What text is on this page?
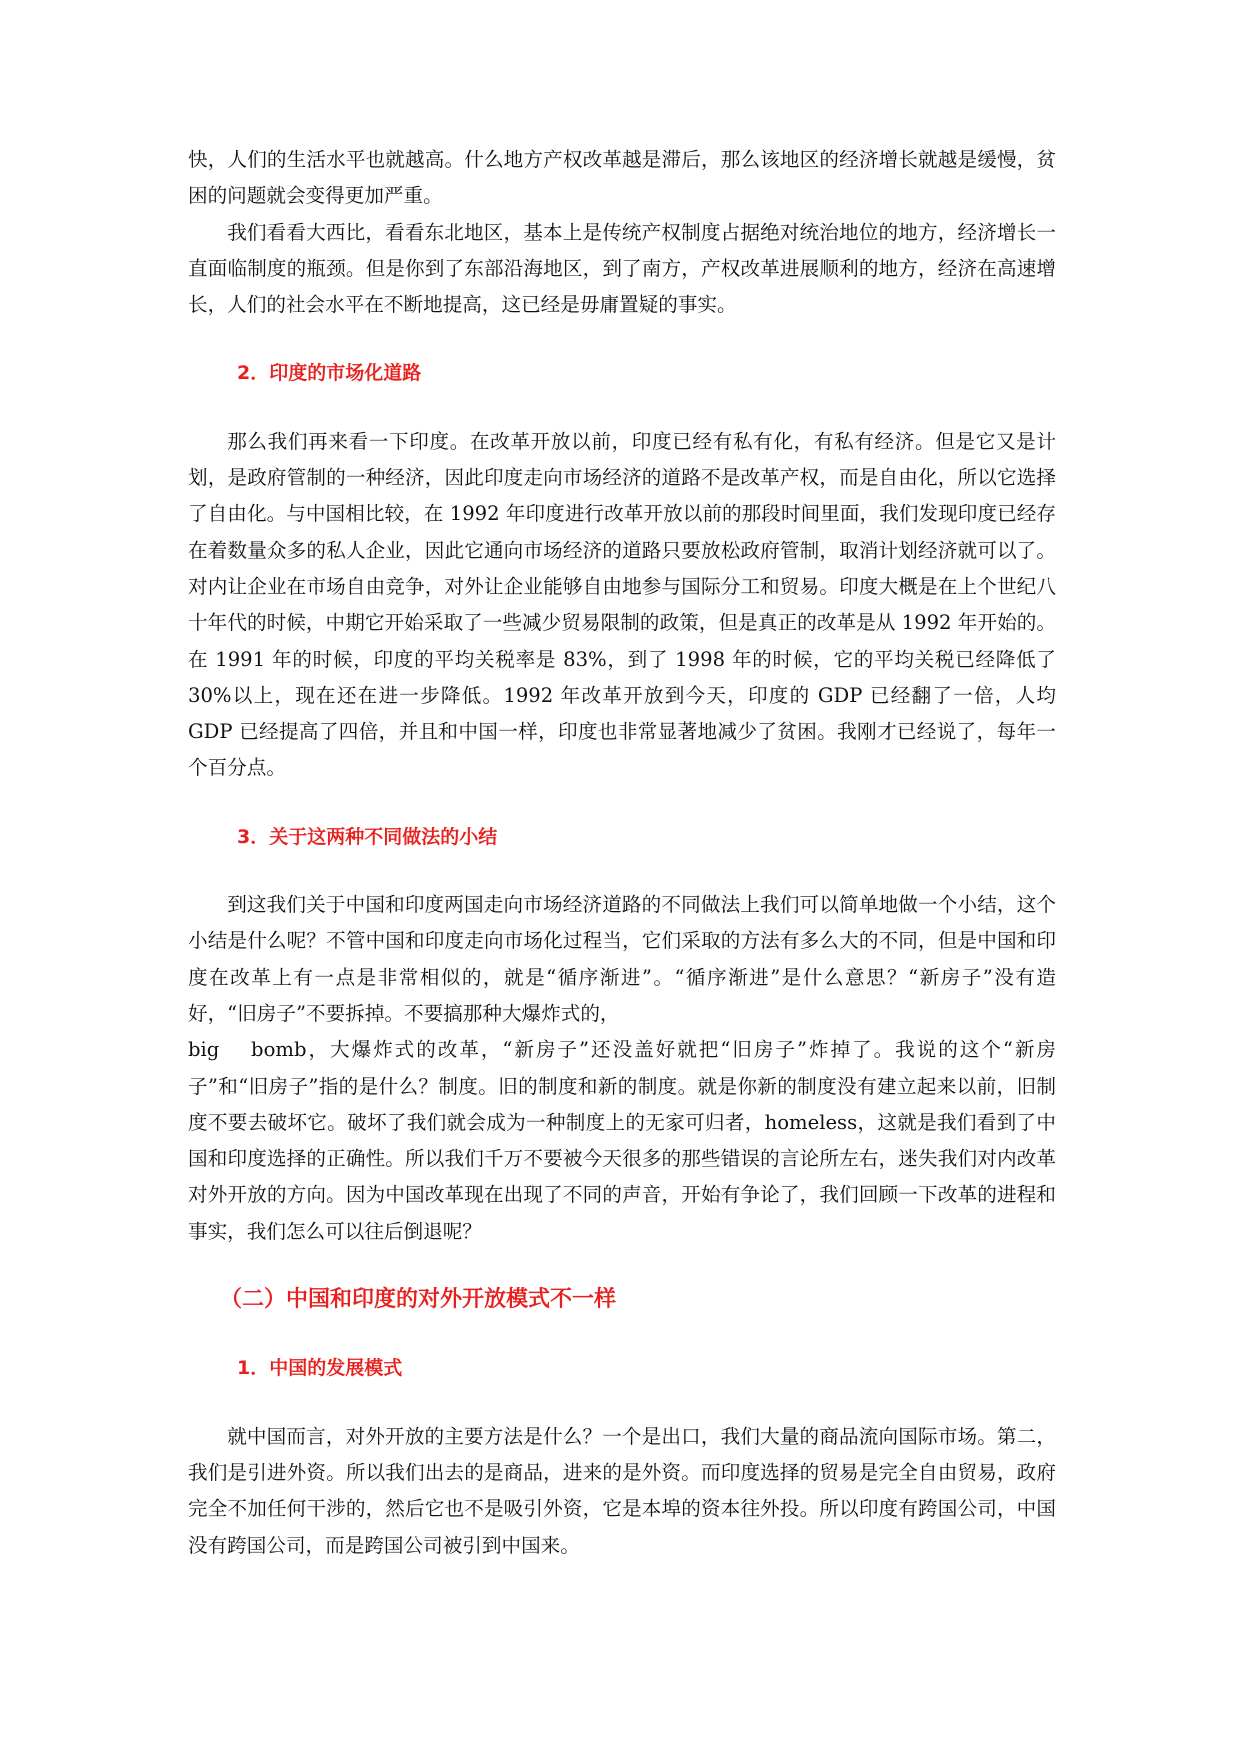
快，人们的生活水平也就越高。什么地方产权改革越是滞后，那么该地区的经济增长就越是缓慢，贫困的问题就会变得更加严重。

我们看看大西比，看看东北地区，基本上是传统产权制度占据绝对统治地位的地方，经济增长一直面临制度的瓶颈。但是你到了东部沿海地区，到了南方，产权改革进展顺利的地方，经济在高速增长，人们的社会水平在不断地提高，这已经是毋庸置疑的事实。

2．印度的市场化道路

那么我们再来看一下印度。在改革开放以前，印度已经有私有化，有私有经济。但是它又是计划，是政府管制的一种经济，因此印度走向市场经济的道路不是改革产权，而是自由化，所以它选择了自由化。与中国相比较，在 1992 年印度进行改革开放以前的那段时间里面，我们发现印度已经存在着数量众多的私人企业，因此它通向市场经济的道路只要放松政府管制，取消计划经济就可以了。对内让企业在市场自由竞争，对外让企业能够自由地参与国际分工和贸易。印度大概是在上个世纪八十年代的时候，中期它开始采取了一些减少贸易限制的政策，但是真正的改革是从 1992 年开始的。在 1991 年的时候，印度的平均关税率是 83%，到了 1998 年的时候，它的平均关税已经降低了 30%以上，现在还在进一步降低。1992 年改革开放到今天，印度的 GDP 已经翻了一倍，人均 GDP 已经提高了四倍，并且和中国一样，印度也非常显著地减少了贫困。我刚才已经说了，每年一个百分点。

3．关于这两种不同做法的小结

到这我们关于中国和印度两国走向市场经济道路的不同做法上我们可以简单地做一个小结，这个小结是什么呢？不管中国和印度走向市场化过程当，它们采取的方法有多么大的不同，但是中国和印度在改革上有一点是非常相似的，就是“循序渐进”。“循序渐进”是什么意思？“新房子”没有造好，“旧房子”不要拆掉。不要搞那种大爆炸式的，

big　 bomb，大爆炸式的改革，“新房子”还没盖好就把“旧房子”炸掉了。我说的这个“新房子”和“旧房子”指的是什么？制度。旧的制度和新的制度。就是你新的制度没有建立起来以前，旧制度不要去破坏它。破坏了我们就会成为一种制度上的无家可归者，homeless，这就是我们看到了中国和印度选择的正确性。所以我们千万不要被今天很多的那些错误的言论所左右，迷失我们对内改革对外开放的方向。因为中国改革现在出现了不同的声音，开始有争论了，我们回顾一下改革的进程和事实，我们怎么可以往后倒退呢？

（二）中国和印度的对外开放模式不一样

1．中国的发展模式

就中国而言，对外开放的主要方法是什么？一个是出口，我们大量的商品流向国际市场。第二，我们是引进外资。所以我们出去的是商品，进来的是外资。而印度选择的贸易是完全自由贸易，政府完全不加任何干涉的，然后它也不是吸引外资，它是本埠的资本往外投。所以印度有跨国公司，中国没有跨国公司，而是跨国公司被引到中国来。
